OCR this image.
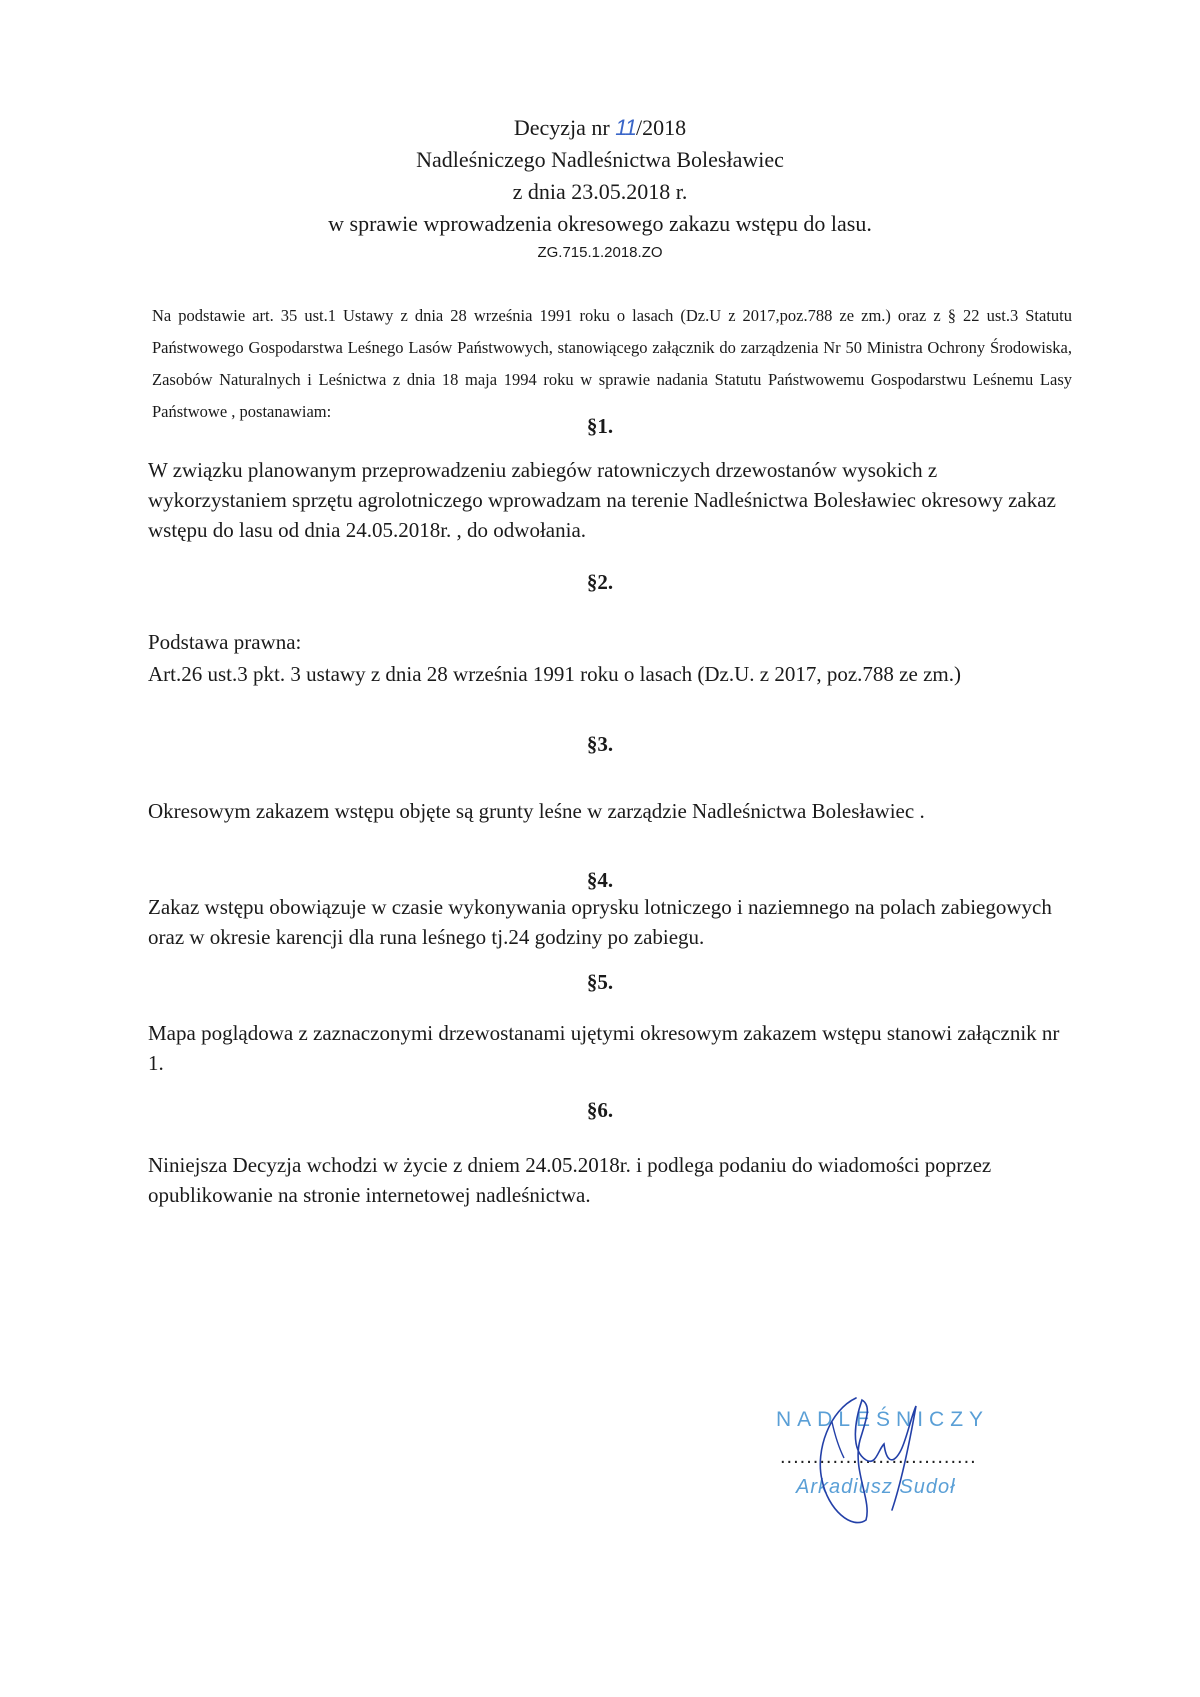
Decyzja nr 11/2018
Nadleśniczego Nadleśnictwa Bolesławiec
z dnia 23.05.2018 r.
w sprawie wprowadzenia okresowego zakazu wstępu do lasu.
ZG.715.1.2018.ZO
Na podstawie art. 35 ust.1 Ustawy z dnia 28 września 1991 roku o lasach (Dz.U z 2017,poz.788 ze zm.) oraz z § 22 ust.3 Statutu Państwowego Gospodarstwa Leśnego Lasów Państwowych, stanowiącego załącznik do zarządzenia Nr 50 Ministra Ochrony Środowiska, Zasobów Naturalnych i Leśnictwa z dnia 18 maja 1994 roku w sprawie nadania Statutu Państwowemu Gospodarstwu Leśnemu Lasy Państwowe , postanawiam:
§1.
W związku planowanym przeprowadzeniu zabiegów ratowniczych drzewostanów wysokich z wykorzystaniem sprzętu agrolotniczego wprowadzam na terenie Nadleśnictwa Bolesławiec okresowy zakaz wstępu do lasu od dnia 24.05.2018r. , do odwołania.
§2.
Podstawa prawna:
Art.26 ust.3 pkt. 3 ustawy z dnia 28 września 1991 roku o lasach (Dz.U. z 2017, poz.788 ze zm.)
§3.
Okresowym zakazem wstępu objęte są grunty leśne w zarządzie Nadleśnictwa Bolesławiec .
§4.
Zakaz wstępu obowiązuje w czasie wykonywania oprysku lotniczego i naziemnego na polach zabiegowych oraz w okresie karencji dla runa leśnego tj.24 godziny po zabiegu.
§5.
Mapa poglądowa z zaznaczonymi drzewostanami ujętymi okresowym zakazem wstępu stanowi załącznik nr 1.
§6.
Niniejsza Decyzja wchodzi w życie z dniem 24.05.2018r. i podlega podaniu do wiadomości poprzez opublikowanie na stronie internetowej nadleśnictwa.
NADLEŚNICZY
..............................
Arkadiusz Sudoł
